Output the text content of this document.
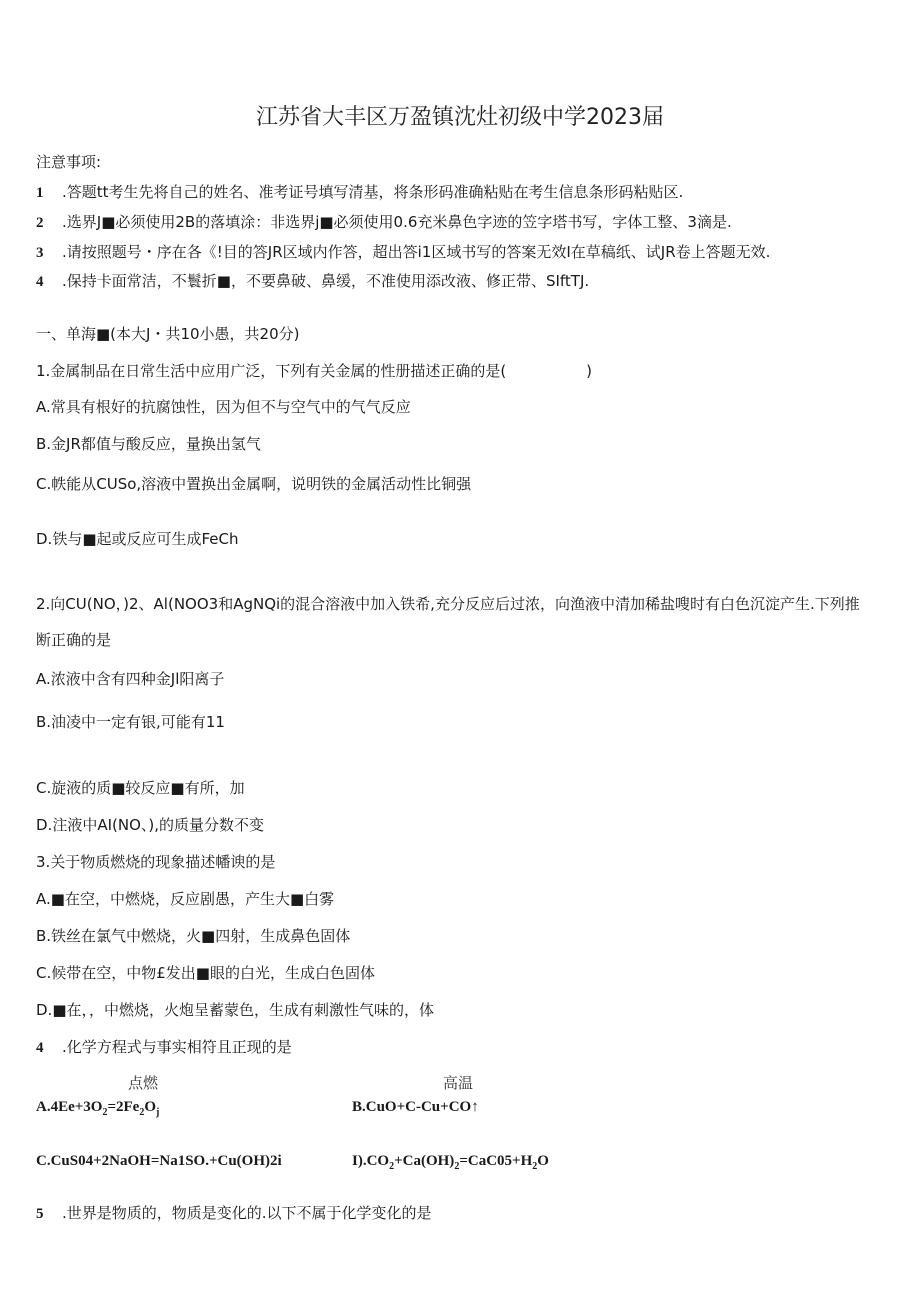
江苏省大丰区万盈镇沈灶初级中学2023届
注意事项:
1 .答题tt考生先将自己的姓名、准考证号填写清基，将条形码准确粘贴在考生信息条形码粘贴区.
2 .选界J■必须使用2B的落填涂：非选界j■必须使用0.6充米鼻色字迹的笠字塔书写，字体工整、3滴是.
3 .请按照题号・序在各《!目的答JR区域内作答，超出答i1区域书写的答案无效I在草稿纸、试JR卷上答题无效.
4 .保持卡面常洁，不鬟折■，不要鼻破、鼻缓，不准使用添改液、修正带、SIftTJ.
一、单海■(本大J・共10小愚，共20分)
1.金属制品在日常生活中应用广泛，下列有关金属的性册描述正确的是(	)
A.常具有根好的抗腐蚀性，因为但不与空气中的气气反应
B.金JR都值与酸反应，量换出氢气
C.帙能从CUSo,溶液中置换出金属啊，说明铁的金属活动性比铜强
D.铁与■起或反应可生成FeCh
2.向CU(NO，)2、Al(NOO3和AgNQi的混合溶液中加入铁希,充分反应后过浓，向渔液中清加稀盐嗖时有白色沉淀产生.下列推
断正确的是
A.浓液中含有四种金Jl阳离子
B.油凌中一定有银,可能有11
C.旋液的质■较反应■有所，加
D.注液中AI(NO、),的质量分数不变
3.关于物质燃烧的现象描述幡谀的是
A.■在空，中燃烧，反应剧愚，产生大■白雾
B.铁丝在氯气中燃烧，火■四射，生成鼻色固体
C.候带在空，中物£发出■眼的白光，生成白色固体
D.■在，，中燃烧，火炮呈蓄蒙色，生成有刺激性气味的，体
4 .化学方程式与事实相符且正现的是
点燃	高温
$A.4Ee+3O_2=2Fe_2O_j$	B.CuO+C-Cu+CO↑
C.CuS04+2NaOH=Na1SO.+Cu(OH)2i	$I).CO_2+Ca(OH)_2=CaC05+H_2O$
5 .世界是物质的，物质是变化的.以下不属于化学变化的是
